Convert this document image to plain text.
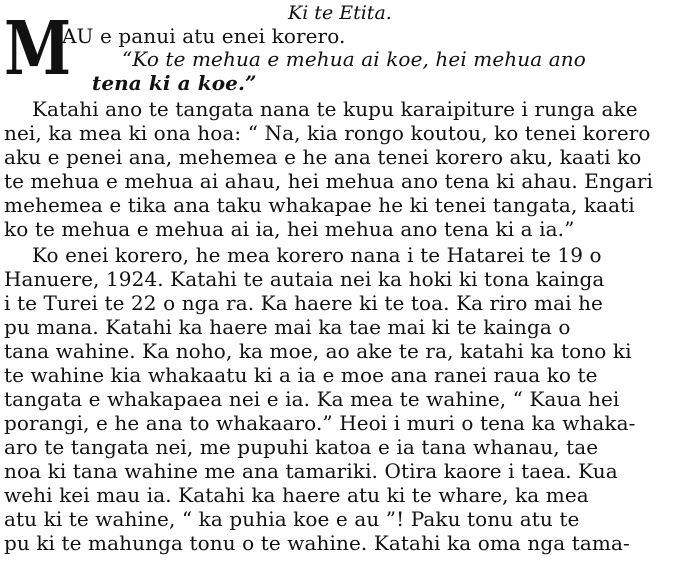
Ki te Etita.
M
AU e panui atu enei korero.
“Ko te mehua e mehua ai koe, hei mehua ano
tena ki a koe.”
Katahi ano te tangata nana te kupu karaipiture i runga ake
nei, ka mea ki ona hoa: “ Na, kia rongo koutou, ko tenei korero
aku e penei ana, mehemea e he ana tenei korero aku, kaati ko
te mehua e mehua ai ahau, hei mehua ano tena ki ahau. Engari
mehemea e tika ana taku whakapae he ki tenei tangata, kaati
ko te mehua e mehua ai ia, hei mehua ano tena ki a ia.”
Ko enei korero, he mea korero nana i te Hatarei te 19 o
Hanuere, 1924. Katahi te autaia nei ka hoki ki tona kainga
i te Turei te 22 o nga ra. Ka haere ki te toa. Ka riro mai he
pu mana. Katahi ka haere mai ka tae mai ki te kainga o
tana wahine. Ka noho, ka moe, ao ake te ra, katahi ka tono ki
te wahine kia whakaatu ki a ia e moe ana ranei raua ko te
tangata e whakapaea nei e ia. Ka mea te wahine, “ Kaua hei
porangi, e he ana to whakaaro.” Heoi i muri o tena ka whaka-
aro te tangata nei, me pupuhi katoa e ia tana whanau, tae
noa ki tana wahine me ana tamariki. Otira kaore i taea. Kua
wehi kei mau ia. Katahi ka haere atu ki te whare, ka mea
atu ki te wahine, “ ka puhia koe e au ”! Paku tonu atu te
pu ki te mahunga tonu o te wahine. Katahi ka oma nga tama-
